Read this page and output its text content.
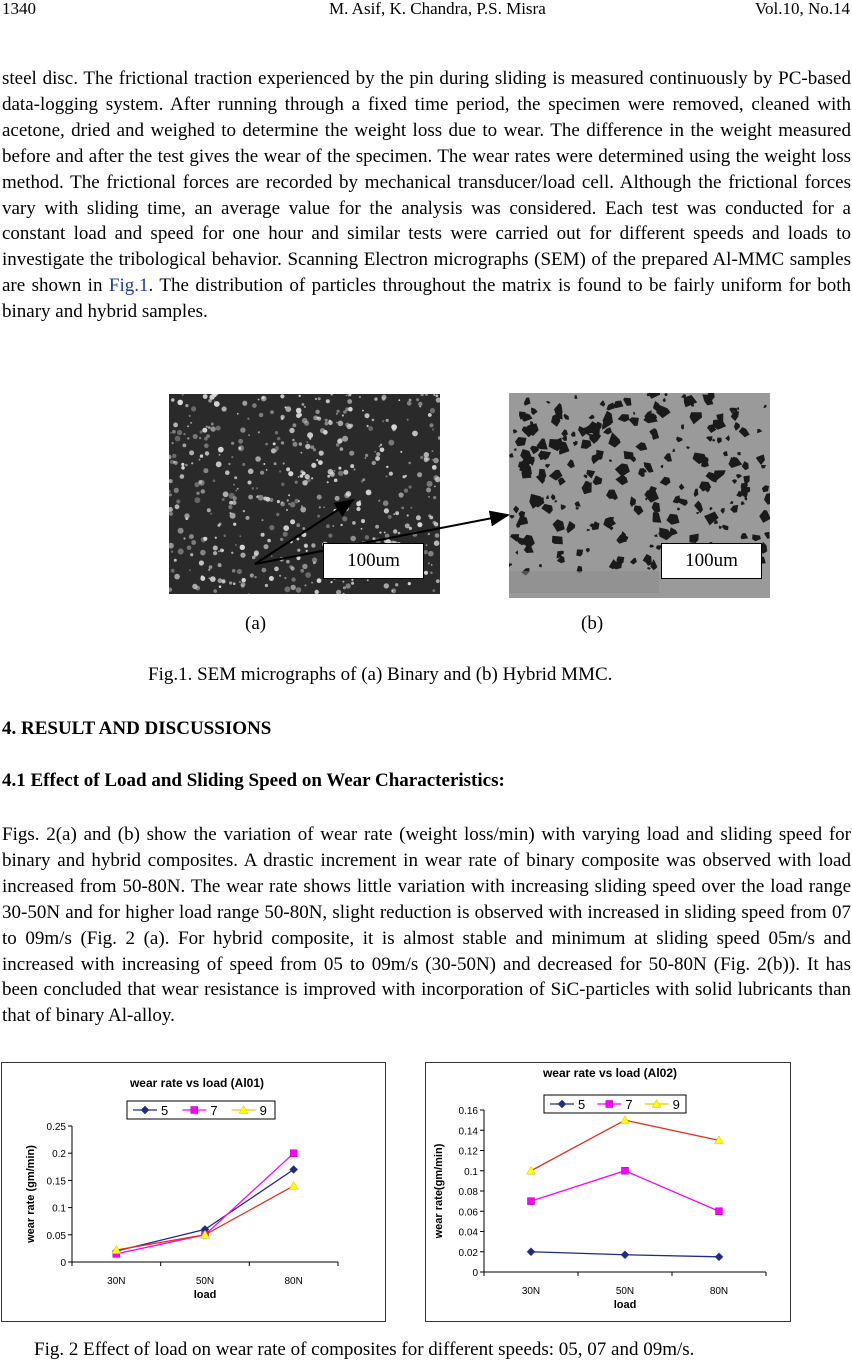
1340	M. Asif, K. Chandra, P.S. Misra	Vol.10, No.14

steel disc. The frictional traction experienced by the pin during sliding is measured continuously by PC-based data-logging system. After running through a fixed time period, the specimen were removed, cleaned with acetone, dried and weighed to determine the weight loss due to wear. The difference in the weight measured before and after the test gives the wear of the specimen. The wear rates were determined using the weight loss method. The frictional forces are recorded by mechanical transducer/load cell. Although the frictional forces vary with sliding time, an average value for the analysis was considered. Each test was conducted for a constant load and speed for one hour and similar tests were carried out for different speeds and loads to investigate the tribological behavior. Scanning Electron micrographs (SEM) of the prepared Al-MMC samples are shown in Fig.1. The distribution of particles throughout the matrix is found to be fairly uniform for both binary and hybrid samples.

100um	100um
(a)	(b)
Fig.1. SEM micrographs of (a) Binary and (b) Hybrid MMC.
4. RESULT AND DISCUSSIONS
4.1 Effect of Load and Sliding Speed on Wear Characteristics:

Figs. 2(a) and (b) show the variation of wear rate (weight loss/min) with varying load and sliding speed for binary and hybrid composites. A drastic increment in wear rate of binary composite was observed with load increased from 50-80N. The wear rate shows little variation with increasing sliding speed over the load range 30-50N and for higher load range 50-80N, slight reduction is observed with increased in sliding speed from 07 to 09m/s (Fig. 2 (a). For hybrid composite, it is almost stable and minimum at sliding speed 05m/s and increased with increasing of speed from 05 to 09m/s (30-50N) and decreased for 50-80N (Fig. 2(b)). It has been concluded that wear resistance is improved with incorporation of SiC-particles with solid lubricants than that of binary Al-alloy.

wear rate vs load (Al01)
5	7	9
0
0.05
0.1
0.15
0.2
0.25
30N	50N	80N
load
wear rate (gm/min)
wear rate vs load (Al02)
5	7	9
0
0.02
0.04
0.06
0.08
0.1
0.12
0.14
0.16
30N	50N	80N
load
wear rate(gm/min)
Fig. 2 Effect of load on wear rate of composites for different speeds: 05, 07 and 09m/s.
